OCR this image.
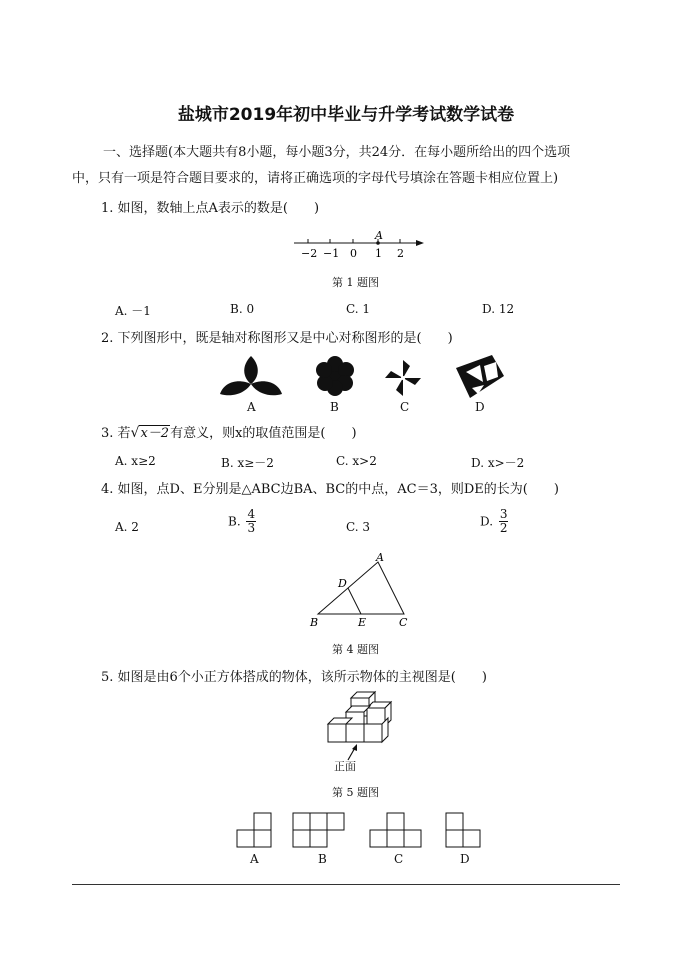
盐城市2019年初中毕业与升学考试数学试卷
一、选择题(本大题共有8小题，每小题3分，共24分．在每小题所给出的四个选项
中，只有一项是符合题目要求的，请将正确选项的字母代号填涂在答题卡相应位置上)
1. 如图，数轴上点A表示的数是(　　)
A
−2 −1 0 1 2
第 1 题图
A. －1	B. 0	C. 1	D. 12
2. 下列图形中，既是轴对称图形又是中心对称图形的是(　　)
A	B	C	D
3. 若√x－2有意义，则x的取值范围是(　　)
A. x≥2	B. x≥－2	C. x>2	D. x>－2
4. 如图，点D、E分别是△ABC边BA、BC的中点，AC＝3，则DE的长为(　　)
A. 2	B. $\frac{4}{3}$	C. 3	D. $\frac{3}{2}$
A
B	C
D
E
第 4 题图
5. 如图是由6个小正方体搭成的物体，该所示物体的主视图是(　　)
正面
第 5 题图
A	B	C	D
